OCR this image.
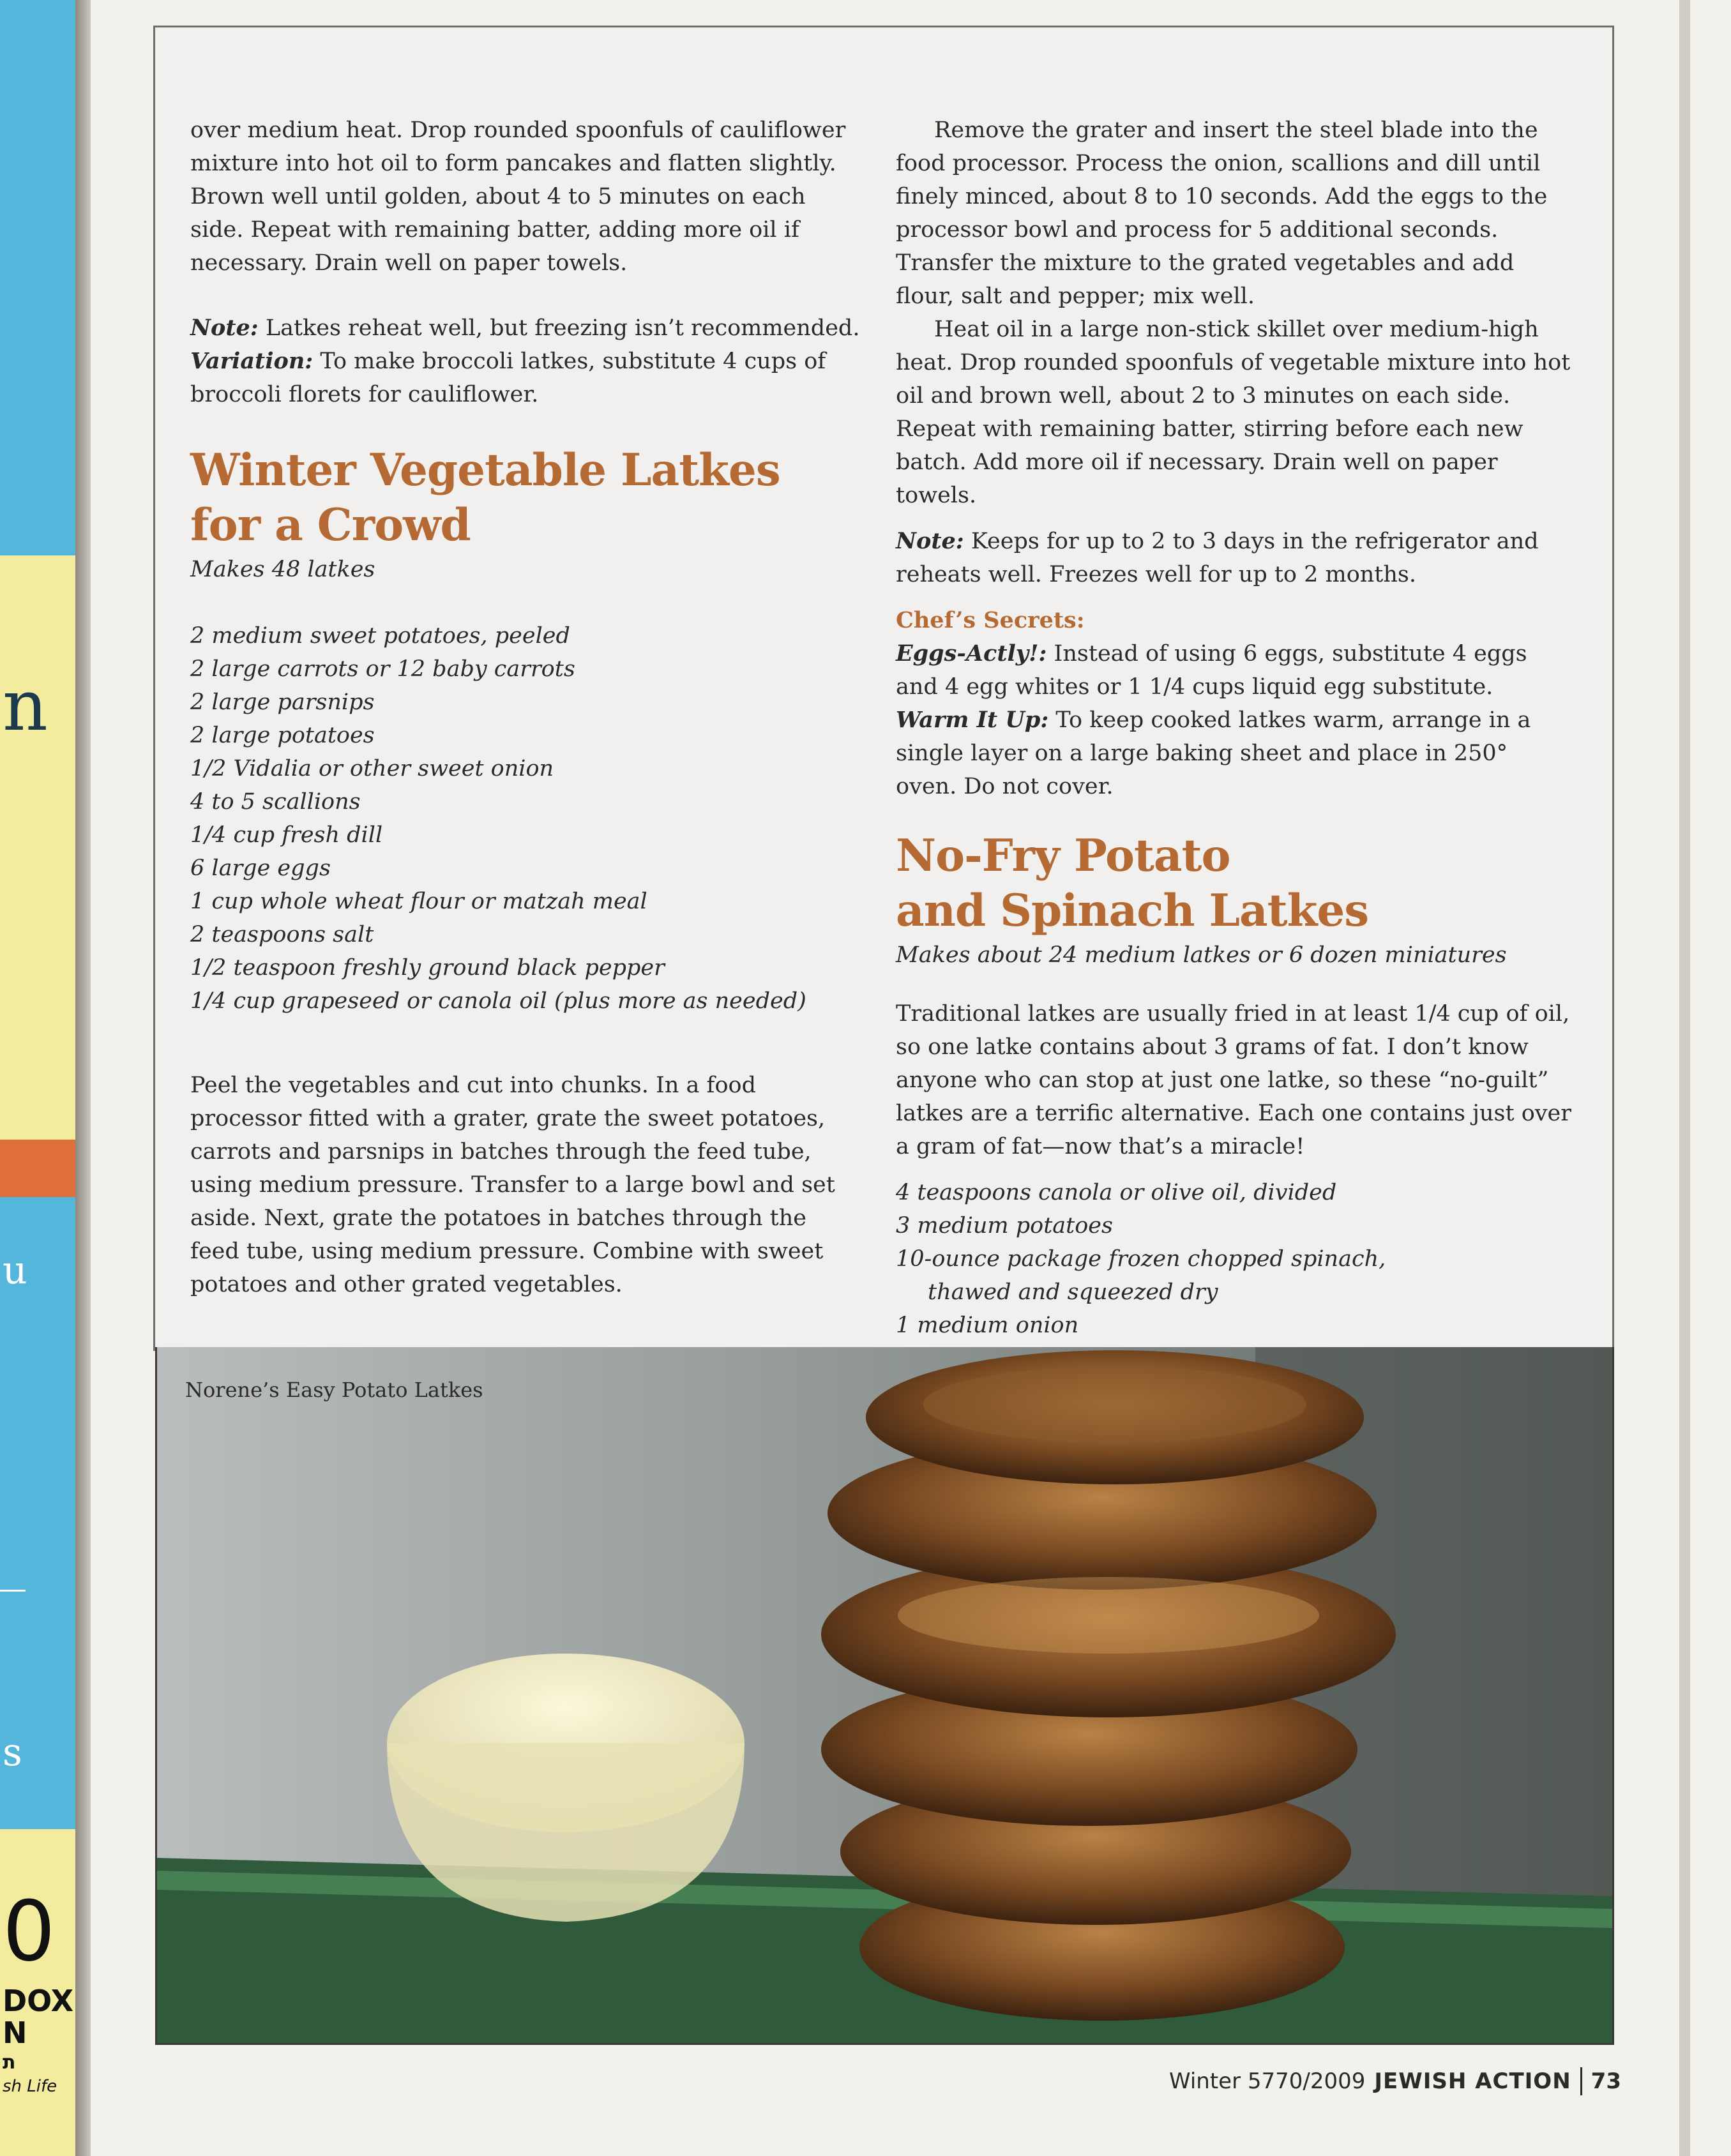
n
u
s
0
DOX
N
ת
sh Life

over medium heat. Drop rounded spoonfuls of cauliflower mixture into hot oil to form pancakes and flatten slightly. Brown well until golden, about 4 to 5 minutes on each side. Repeat with remaining batter, adding more oil if necessary. Drain well on paper towels.

Note: Latkes reheat well, but freezing isn’t recommended.

Variation: To make broccoli latkes, substitute 4 cups of broccoli florets for cauliflower.

Winter Vegetable Latkes
for a Crowd

Makes 48 latkes

2 medium sweet potatoes, peeled

2 large carrots or 12 baby carrots

2 large parsnips

2 large potatoes

1/2 Vidalia or other sweet onion

4 to 5 scallions

1/4 cup fresh dill

6 large eggs

1 cup whole wheat flour or matzah meal

2 teaspoons salt

1/2 teaspoon freshly ground black pepper

1/4 cup grapeseed or canola oil (plus more as needed)

Peel the vegetables and cut into chunks. In a food processor fitted with a grater, grate the sweet potatoes, carrots and parsnips in batches through the feed tube, using medium pressure. Transfer to a large bowl and set aside. Next, grate the potatoes in batches through the feed tube, using medium pressure. Combine with sweet potatoes and other grated vegetables.

Remove the grater and insert the steel blade into the food processor. Process the onion, scallions and dill until finely minced, about 8 to 10 seconds. Add the eggs to the processor bowl and process for 5 additional seconds. Transfer the mixture to the grated vegetables and add flour, salt and pepper; mix well.

Heat oil in a large non-stick skillet over medium-high heat. Drop rounded spoonfuls of vegetable mixture into hot oil and brown well, about 2 to 3 minutes on each side. Repeat with remaining batter, stirring before each new batch. Add more oil if necessary. Drain well on paper towels.

Note: Keeps for up to 2 to 3 days in the refrigerator and reheats well. Freezes well for up to 2 months.

Chef’s Secrets:

Eggs-Actly!: Instead of using 6 eggs, substitute 4 eggs and 4 egg whites or 1 1/4 cups liquid egg substitute.

Warm It Up: To keep cooked latkes warm, arrange in a single layer on a large baking sheet and place in 250° oven. Do not cover.

No-Fry Potato
and Spinach Latkes

Makes about 24 medium latkes or 6 dozen miniatures

Traditional latkes are usually fried in at least 1/4 cup of oil, so one latke contains about 3 grams of fat. I don’t know anyone who can stop at just one latke, so these “no-guilt” latkes are a terrific alternative. Each one contains just over a gram of fat—now that’s a miracle!

4 teaspoons canola or olive oil, divided

3 medium potatoes

10-ounce package frozen chopped spinach,

thawed and squeezed dry

1 medium onion

Norene’s Easy Potato Latkes
Winter 5770/2009 JEWISH ACTION 73
